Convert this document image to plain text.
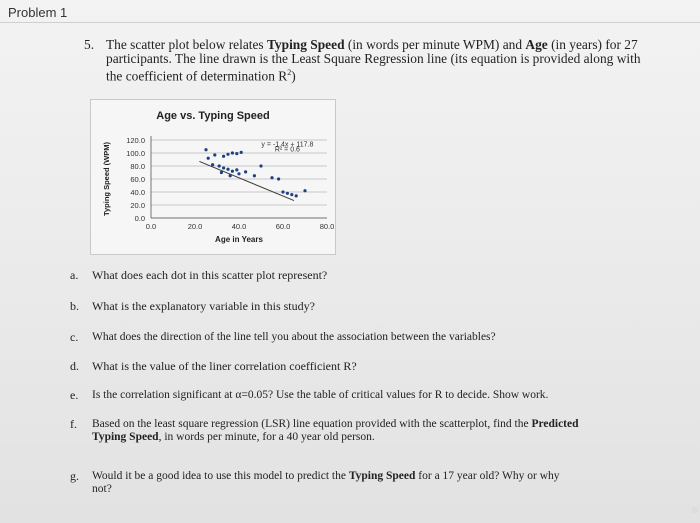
Problem 1
5. The scatter plot below relates Typing Speed (in words per minute WPM) and Age (in years) for 27 participants. The line drawn is the Least Square Regression line (its equation is provided along with the coefficient of determination $R^2$)
Age vs. Typing Speed
0.0
20.0
40.0
60.0
80.0
100.0
120.0
0.0	20.0	40.0	60.0	80.0
Age in Years
Typing Speed (WPM)	y = -1.4x + 117.8
R² = 0.6
a. What does each dot in this scatter plot represent?
b. What is the explanatory variable in this study?
c. What does the direction of the line tell you about the association between the variables?
d. What is the value of the liner correlation coefficient R?
e. Is the correlation significant at α=0.05? Use the table of critical values for R to decide. Show work.
f. Based on the least square regression (LSR) line equation provided with the scatterplot, find the Predicted Typing Speed, in words per minute, for a 40 year old person.
g. Would it be a good idea to use this model to predict the Typing Speed for a 17 year old? Why or why not?
